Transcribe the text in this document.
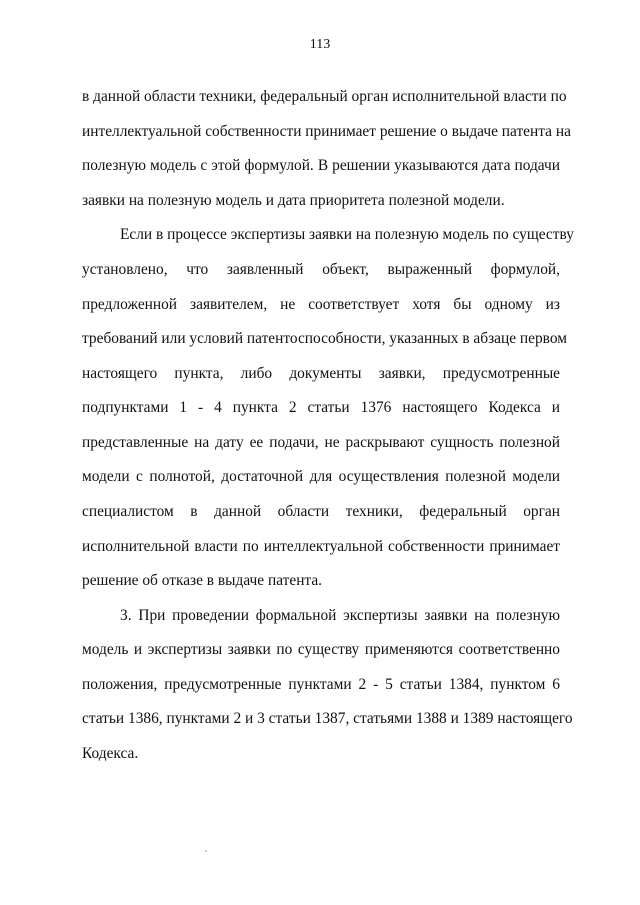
113
в данной области техники, федеральный орган исполнительной власти по
интеллектуальной собственности принимает решение о выдаче патента на
полезную модель с этой формулой. В решении указываются дата подачи
заявки на полезную модель и дата приоритета полезной модели.
Если в процессе экспертизы заявки на полезную модель по существу
установлено, что заявленный объект, выраженный формулой,
предложенной заявителем, не соответствует хотя бы одному из
требований или условий патентоспособности, указанных в абзаце первом
настоящего пункта, либо документы заявки, предусмотренные
подпунктами 1 - 4 пункта 2 статьи 1376 настоящего Кодекса и
представленные на дату ее подачи, не раскрывают сущность полезной
модели с полнотой, достаточной для осуществления полезной модели
специалистом в данной области техники, федеральный орган
исполнительной власти по интеллектуальной собственности принимает
решение об отказе в выдаче патента.
3. При проведении формальной экспертизы заявки на полезную
модель и экспертизы заявки по существу применяются соответственно
положения, предусмотренные пунктами 2 - 5 статьи 1384, пунктом 6
статьи 1386, пунктами 2 и 3 статьи 1387, статьями 1388 и 1389 настоящего
Кодекса.
